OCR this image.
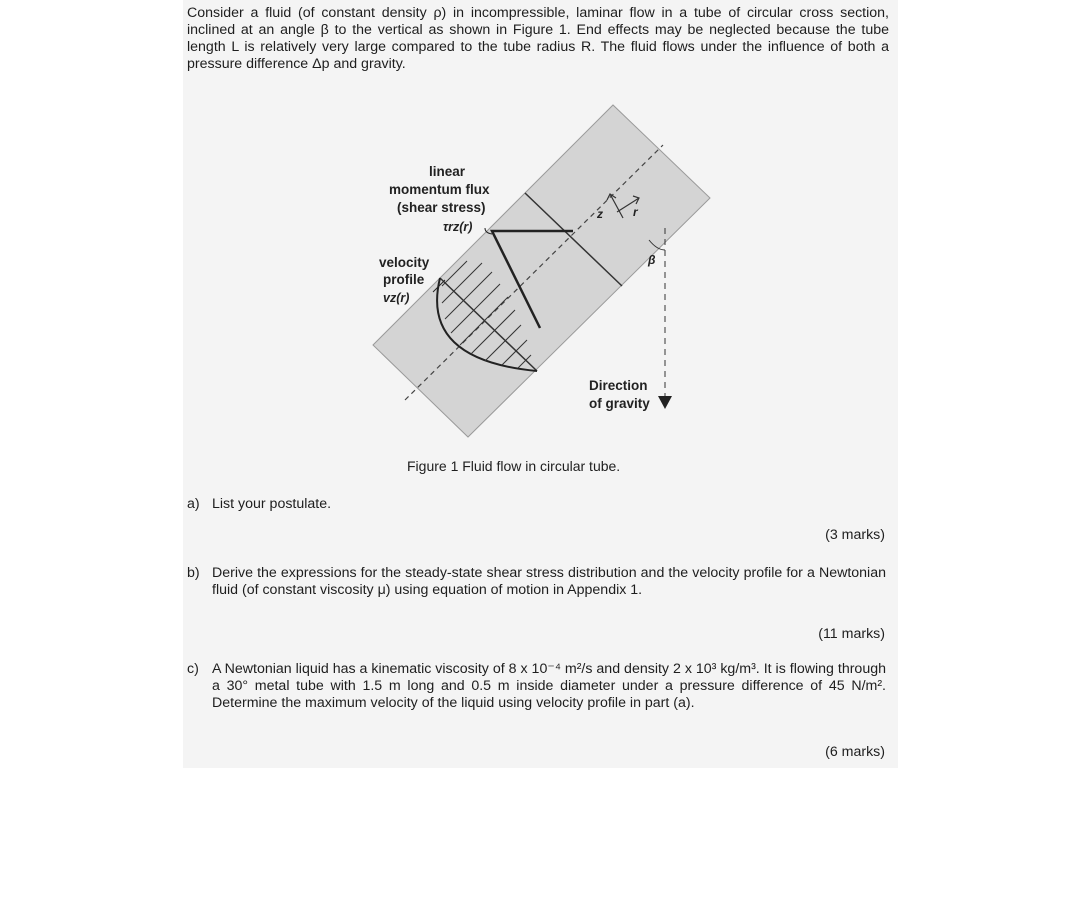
Consider a fluid (of constant density ρ) in incompressible, laminar flow in a tube of circular cross section, inclined at an angle β to the vertical as shown in Figure 1. End effects may be neglected because the tube length L is relatively very large compared to the tube radius R. The fluid flows under the influence of both a pressure difference Δp and gravity.

z	r
β
linear
momentum flux
(shear stress)
τrz(r)
velocity
profile
vz(r)
Direction
of gravity
Figure 1 Fluid flow in circular tube.
a) List your postulate.
(3 marks)
b) Derive the expressions for the steady-state shear stress distribution and the velocity profile for a Newtonian fluid (of constant viscosity μ) using equation of motion in Appendix 1.
(11 marks)
c) A Newtonian liquid has a kinematic viscosity of 8 x 10⁻⁴ m²/s and density 2 x 10³ kg/m³. It is flowing through a 30° metal tube with 1.5 m long and 0.5 m inside diameter under a pressure difference of 45 N/m². Determine the maximum velocity of the liquid using velocity profile in part (a).
(6 marks)
